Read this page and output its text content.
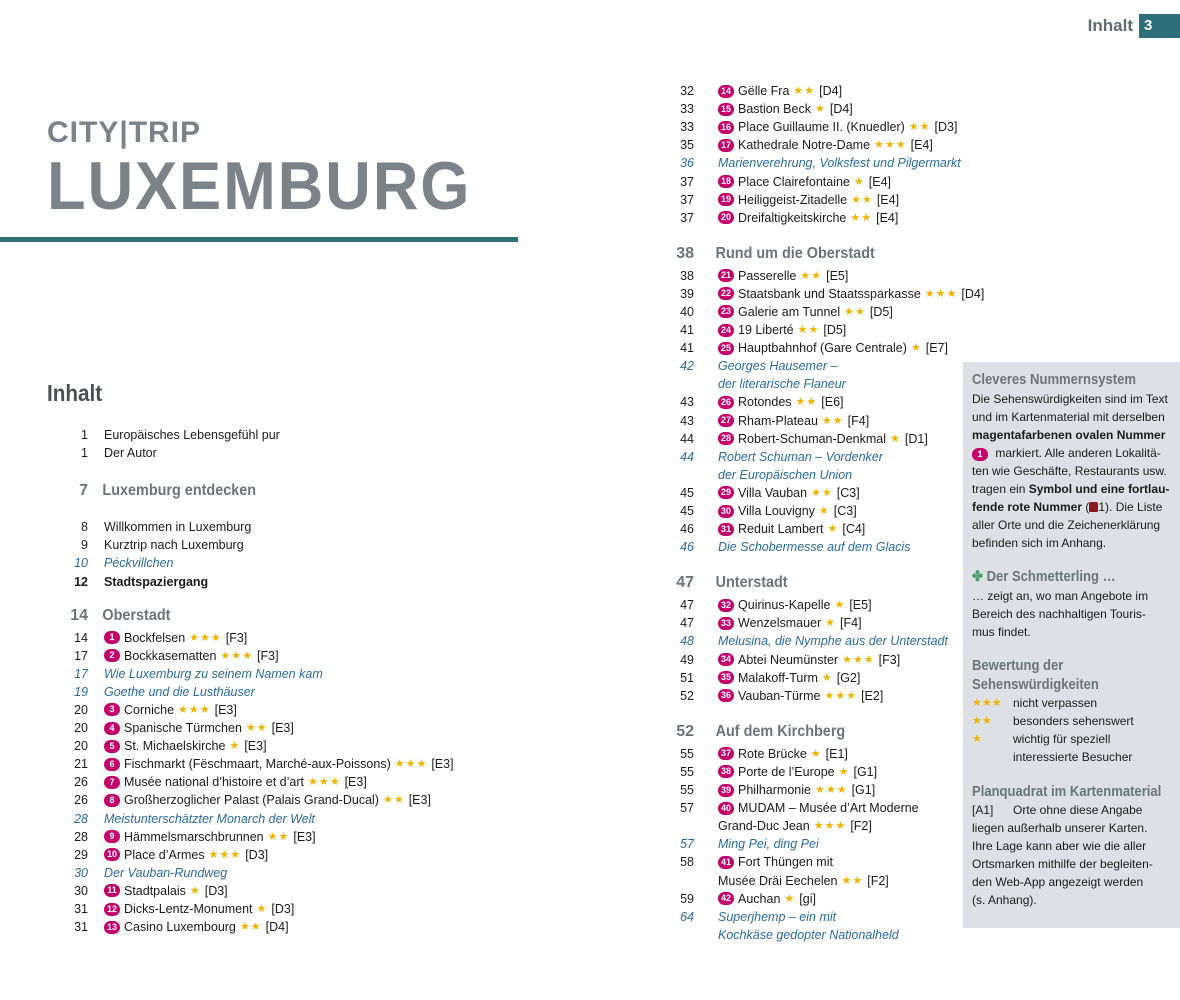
Inhalt 3
CITY|TRIP
LUXEMBURG
Inhalt
1 Europäisches Lebensgefühl pur
1 Der Autor
7 Luxemburg entdecken
8 Willkommen in Luxemburg
9 Kurztrip nach Luxemburg
10 Péckvillchen
12 Stadtspaziergang
14 Oberstadt
14	1 Bockfelsen ★★★ [F3]
17	2 Bockkasematten ★★★ [F3]
17 Wie Luxemburg zu seinem Namen kam
19 Goethe und die Lusthäuser
20	3 Corniche ★★★ [E3]
20	4 Spanische Türmchen ★★ [E3]
20	5 St. Michaelskirche ★ [E3]
21	6 Fischmarkt (Fëschmaart, Marché-aux-Poissons) ★★★ [E3]
26	7 Musée national d’histoire et d’art ★★★ [E3]
26	8 Großherzoglicher Palast (Palais Grand-Ducal) ★★ [E3]
28 Meistunterschätzter Monarch der Welt
28	9 Hämmelsmarschbrunnen ★★ [E3]
29	10 Place d’Armes ★★★ [D3]
30 Der Vauban-Rundweg
30	11 Stadtpalais ★ [D3]
31	12 Dicks-Lentz-Monument ★ [D3]
31	13 Casino Luxembourg ★★ [D4]
32	14 Gëlle Fra ★★ [D4]
33	15 Bastion Beck ★ [D4]
33	16 Place Guillaume II. (Knuedler) ★★ [D3]
35	17 Kathedrale Notre-Dame ★★★ [E4]
36 Marienverehrung, Volksfest und Pilgermarkt
37	18 Place Clairefontaine ★ [E4]
37	19 Heiliggeist-Zitadelle ★★ [E4]
37	20 Dreifaltigkeitskirche ★★ [E4]
38 Rund um die Oberstadt
38	21 Passerelle ★★ [E5]
39	22 Staatsbank und Staatssparkasse ★★★ [D4]
40	23 Galerie am Tunnel ★★ [D5]
41	24 19 Liberté ★★ [D5]
41	25 Hauptbahnhof (Gare Centrale) ★ [E7]
42 Georges Hausemer –
der literarische Flaneur
43	26 Rotondes ★★ [E6]
43	27 Rham-Plateau ★★ [F4]
44	28 Robert-Schuman-Denkmal ★ [D1]
44 Robert Schuman – Vordenker
der Europäischen Union
45	29 Villa Vauban ★★ [C3]
45	30 Villa Louvigny ★ [C3]
46	31 Reduit Lambert ★ [C4]
46 Die Schobermesse auf dem Glacis
47 Unterstadt
47	32 Quirinus-Kapelle ★ [E5]
47	33 Wenzelsmauer ★ [F4]
48 Melusina, die Nymphe aus der Unterstadt
49	34 Abtei Neumünster ★★★ [F3]
51	35 Malakoff-Turm ★ [G2]
52	36 Vauban-Türme ★★★ [E2]
52 Auf dem Kirchberg
55	37 Rote Brücke ★ [E1]
55	38 Porte de l’Europe ★ [G1]
55	39 Philharmonie ★★★ [G1]
57	40 MUDAM – Musée d’Art Moderne
Grand-Duc Jean ★★★ [F2]
57 Ming Pei, ding Pei
58	41 Fort Thüngen mit
Musée Dräi Eechelen ★★ [F2]
59	42 Auchan ★ [gi]
64 Superjhemp – ein mit
Kochkäse gedopter Nationalheld
Cleveres Nummernsystem
Die Sehenswürdigkeiten sind im Text
und im Kartenmaterial mit derselben
magentafarbenen ovalen Nummer
1 markiert. Alle anderen Lokalitä-
ten wie Geschäfte, Restaurants usw.
tragen ein Symbol und eine fortlau-
fende rote Nummer ( 1). Die Liste
aller Orte und die Zeichenerklärung
befinden sich im Anhang.
✤ Der Schmetterling …
… zeigt an, wo man Angebote im
Bereich des nachhaltigen Touris-
mus findet.
Bewertung der
Sehenswürdigkeiten
★★★ nicht verpassen
★★	besonders sehenswert
★	wichtig für speziell
interessierte Besucher
Planquadrat im Kartenmaterial
[A1]	Orte ohne diese Angabe
liegen außerhalb unserer Karten.
Ihre Lage kann aber wie die aller
Ortsmarken mithilfe der begleiten-
den Web-App angezeigt werden
(s. Anhang).
